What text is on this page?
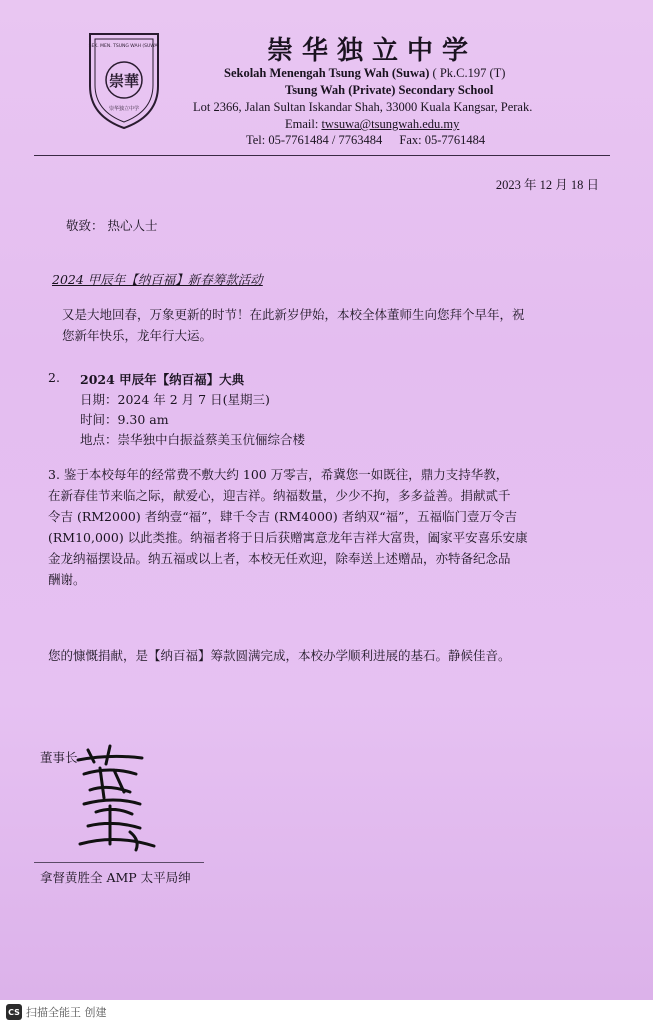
SEK. MEN. TSUNG WAH (SUWA)
崇華
崇华独立中学
崇华独立中学
Sekolah Menengah Tsung Wah (Suwa) ( Pk.C.197 (T)
Tsung Wah (Private) Secondary School
Lot 2366, Jalan Sultan Iskandar Shah, 33000 Kuala Kangsar, Perak.
Email: twsuwa@tsungwah.edu.my
Tel: 05-7761484 / 7763484 Fax: 05-7761484
2023 年 12 月 18 日
敬致： 热心人士
2024 甲辰年【纳百福】新春筹款活动
又是大地回春，万象更新的时节！在此新岁伊始，本校全体董师生向您拜个早年，祝
您新年快乐，龙年行大运。
2. 2024 甲辰年【纳百福】大典
日期：2024 年 2 月 7 日(星期三)
时间：9.30 am
地点：崇华独中白振益蔡美玉伉俪综合楼
3. 鉴于本校每年的经常费不敷大约 100 万零吉，希冀您一如既往，鼎力支持华教，
在新春佳节来临之际，献爱心，迎吉祥。纳福数量，少少不拘，多多益善。捐献贰千
令吉 (RM2000) 者纳壹“福”，肆千令吉 (RM4000) 者纳双“福”，五福临门壹万令吉
(RM10,000) 以此类推。纳福者将于日后获赠寓意龙年吉祥大富贵，阖家平安喜乐安康
金龙纳福摆设品。纳五福或以上者，本校无任欢迎，除奉送上述赠品，亦特备纪念品
酬谢。
您的慷慨捐献，是【纳百福】筹款圆满完成，本校办学顺利进展的基石。静候佳音。
董事长
拿督黄胜全 AMP 太平局绅
CS 扫描全能王 创建
